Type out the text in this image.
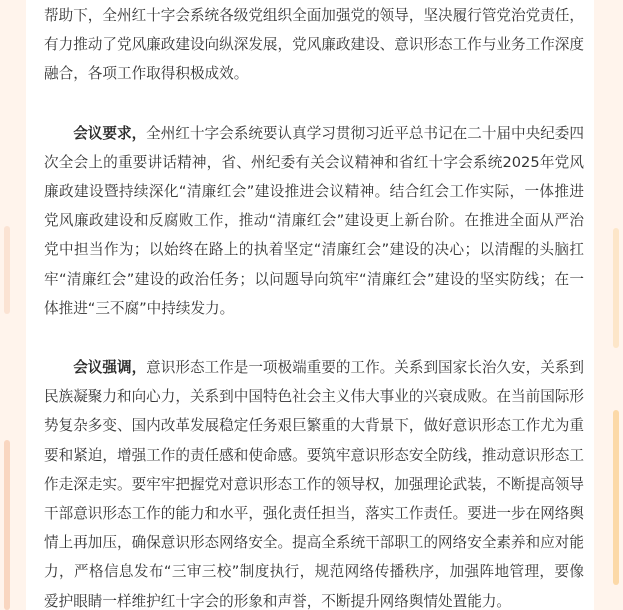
帮助下，全州红十字会系统各级党组织全面加强党的领导，坚决履行管党治党责任，有力推动了党风廉政建设向纵深发展，党风廉政建设、意识形态工作与业务工作深度融合，各项工作取得积极成效。

会议要求，全州红十字会系统要认真学习贯彻习近平总书记在二十届中央纪委四次全会上的重要讲话精神，省、州纪委有关会议精神和省红十字会系统2025年党风廉政建设暨持续深化“清廉红会”建设推进会议精神。结合红会工作实际，一体推进党风廉政建设和反腐败工作，推动“清廉红会”建设更上新台阶。在推进全面从严治党中担当作为；以始终在路上的执着坚定“清廉红会”建设的决心；以清醒的头脑扛牢“清廉红会”建设的政治任务；以问题导向筑牢“清廉红会”建设的坚实防线；在一体推进“三不腐”中持续发力。

会议强调，意识形态工作是一项极端重要的工作。关系到国家长治久安，关系到民族凝聚力和向心力，关系到中国特色社会主义伟大事业的兴衰成败。在当前国际形势复杂多变、国内改革发展稳定任务艰巨繁重的大背景下，做好意识形态工作尤为重要和紧迫，增强工作的责任感和使命感。要筑牢意识形态安全防线，推动意识形态工作走深走实。要牢牢把握党对意识形态工作的领导权，加强理论武装，不断提高领导干部意识形态工作的能力和水平，强化责任担当，落实工作责任。要进一步在网络舆情上再加压，确保意识形态网络安全。提高全系统干部职工的网络安全素养和应对能力，严格信息发布“三审三校”制度执行，规范网络传播秩序，加强阵地管理，要像爱护眼睛一样维护红十字会的形象和声誉，不断提升网络舆情处置能力。
